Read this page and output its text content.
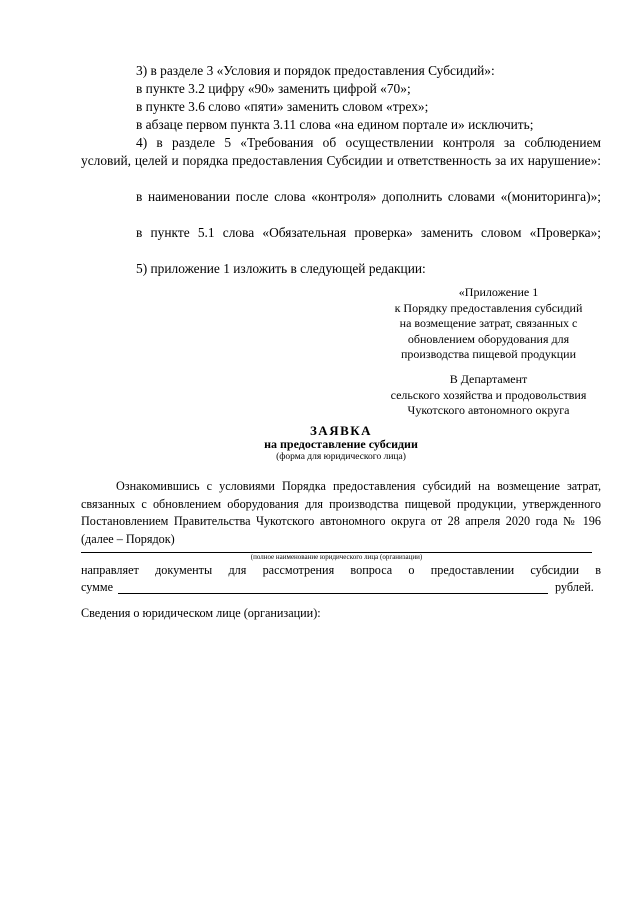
3) в разделе 3 «Условия и порядок предоставления Субсидий»:
в пункте 3.2 цифру «90» заменить цифрой «70»;
в пункте 3.6 слово «пяти» заменить словом «трех»;
в абзаце первом пункта 3.11 слова «на едином портале и» исключить;
4) в разделе 5 «Требования об осуществлении контроля за соблюдением условий, целей и порядка предоставления Субсидии и ответственность за их нарушение»:
в наименовании после слова «контроля» дополнить словами «(мониторинга)»;
в пункте 5.1 слова «Обязательная проверка» заменить словом «Проверка»;
5) приложение 1 изложить в следующей редакции:
«Приложение 1
к Порядку предоставления субсидий
на возмещение затрат, связанных с
обновлением оборудования для
производства пищевой продукции
В Департамент
сельского хозяйства и продовольствия
Чукотского автономного округа
ЗАЯВКА
на предоставление субсидии
(форма для юридического лица)
Ознакомившись с условиями Порядка предоставления субсидий на возмещение затрат, связанных с обновлением оборудования для производства пищевой продукции, утвержденного Постановлением Правительства Чукотского автономного округа от 28 апреля 2020 года № 196 (далее – Порядок)
(полное наименование юридического лица (организации)
направляет документы для рассмотрения вопроса о предоставлении субсидии в
сумме	рублей.
Сведения о юридическом лице (организации):
